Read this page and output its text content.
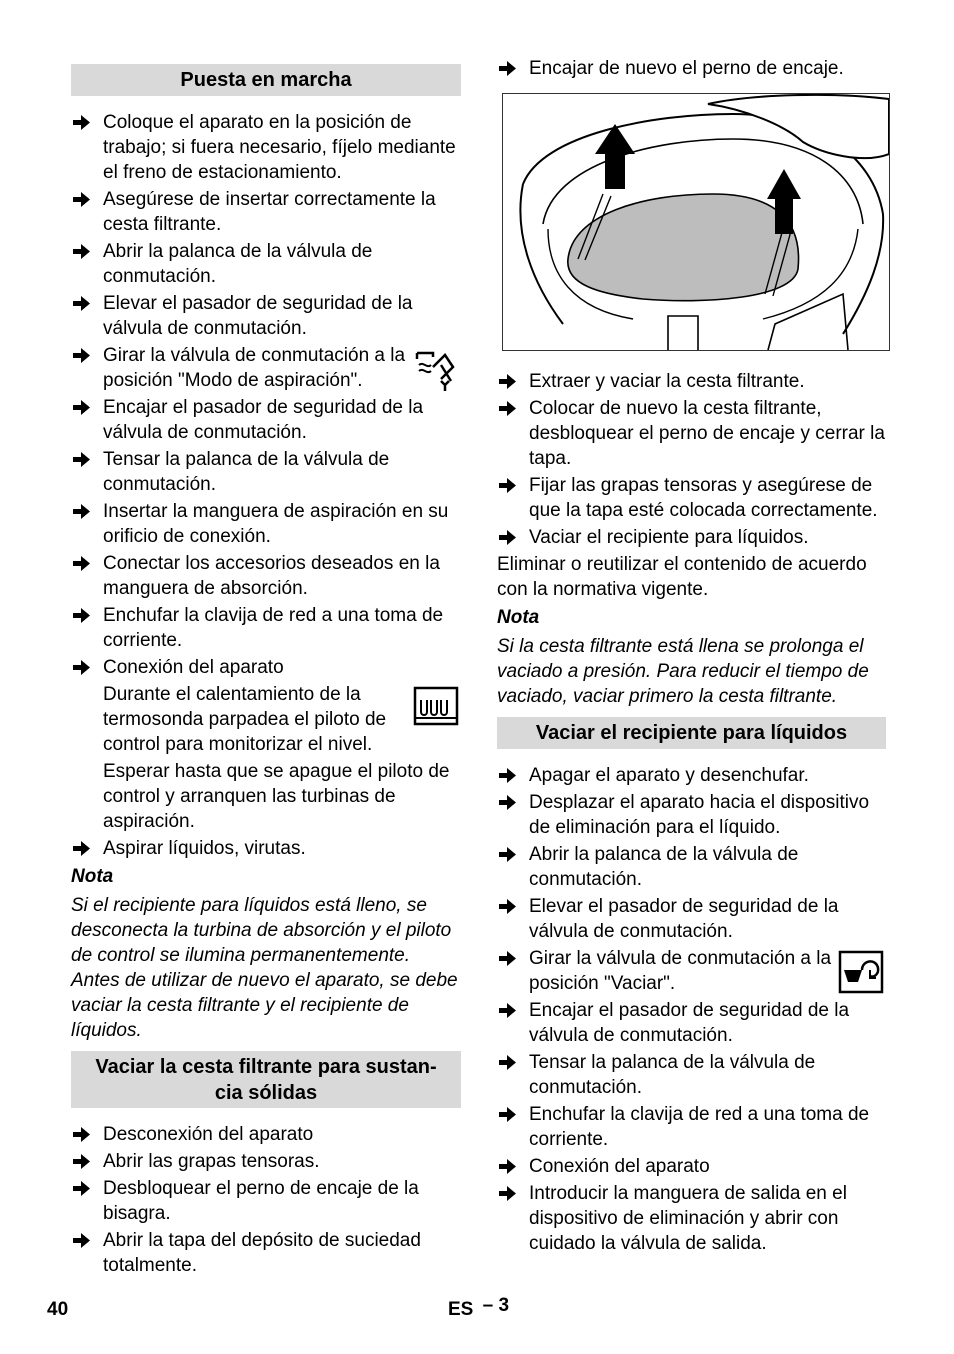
Puesta en marcha
Coloque el aparato en la posición de trabajo; si fuera necesario, fíjelo mediante el freno de estacionamiento.
Asegúrese de insertar correctamente la cesta filtrante.
Abrir la palanca de la válvula de conmutación.
Elevar el pasador de seguridad de la válvula de conmutación.
Girar la válvula de conmutación a la posición "Modo de aspiración".
Encajar el pasador de seguridad de la válvula de conmutación.
Tensar la palanca de la válvula de conmutación.
Insertar la manguera de aspiración en su orificio de conexión.
Conectar los accesorios deseados en la manguera de absorción.
Enchufar la clavija de red a una toma de corriente.
Conexión del aparato
Durante el calentamiento de la termosonda parpadea el piloto de control para monitorizar el nivel.
Esperar hasta que se apague el piloto de control y arranquen las turbinas de aspiración.
Aspirar líquidos, virutas.
Nota
Si el recipiente para líquidos está lleno, se desconecta la turbina de absorción y el piloto de control se ilumina permanentemente. Antes de utilizar de nuevo el aparato, se debe vaciar la cesta filtrante y el recipiente de líquidos.
Vaciar la cesta filtrante para sustan-
cia sólidas
Desconexión del aparato
Abrir las grapas tensoras.
Desbloquear el perno de encaje de la bisagra.
Abrir la tapa del depósito de suciedad totalmente.
Encajar de nuevo el perno de encaje.
Extraer y vaciar la cesta filtrante.
Colocar de nuevo la cesta filtrante, desbloquear el perno de encaje y cerrar la tapa.
Fijar las grapas tensoras y asegúrese de que la tapa esté colocada correctamente.
Vaciar el recipiente para líquidos.
Eliminar o reutilizar el contenido de acuerdo con la normativa vigente.
Nota
Si la cesta filtrante está llena se prolonga el vaciado a presión. Para reducir el tiempo de vaciado, vaciar primero la cesta filtrante.
Vaciar el recipiente para líquidos
Apagar el aparato y desenchufar.
Desplazar el aparato hacia el dispositivo de eliminación para el líquido.
Abrir la palanca de la válvula de conmutación.
Elevar el pasador de seguridad de la válvula de conmutación.
Girar la válvula de conmutación a la posición "Vaciar".
Encajar el pasador de seguridad de la válvula de conmutación.
Tensar la palanca de la válvula de conmutación.
Enchufar la clavija de red a una toma de corriente.
Conexión del aparato
Introducir la manguera de salida en el dispositivo de eliminación y abrir con cuidado la válvula de salida.
40	ES – 3
